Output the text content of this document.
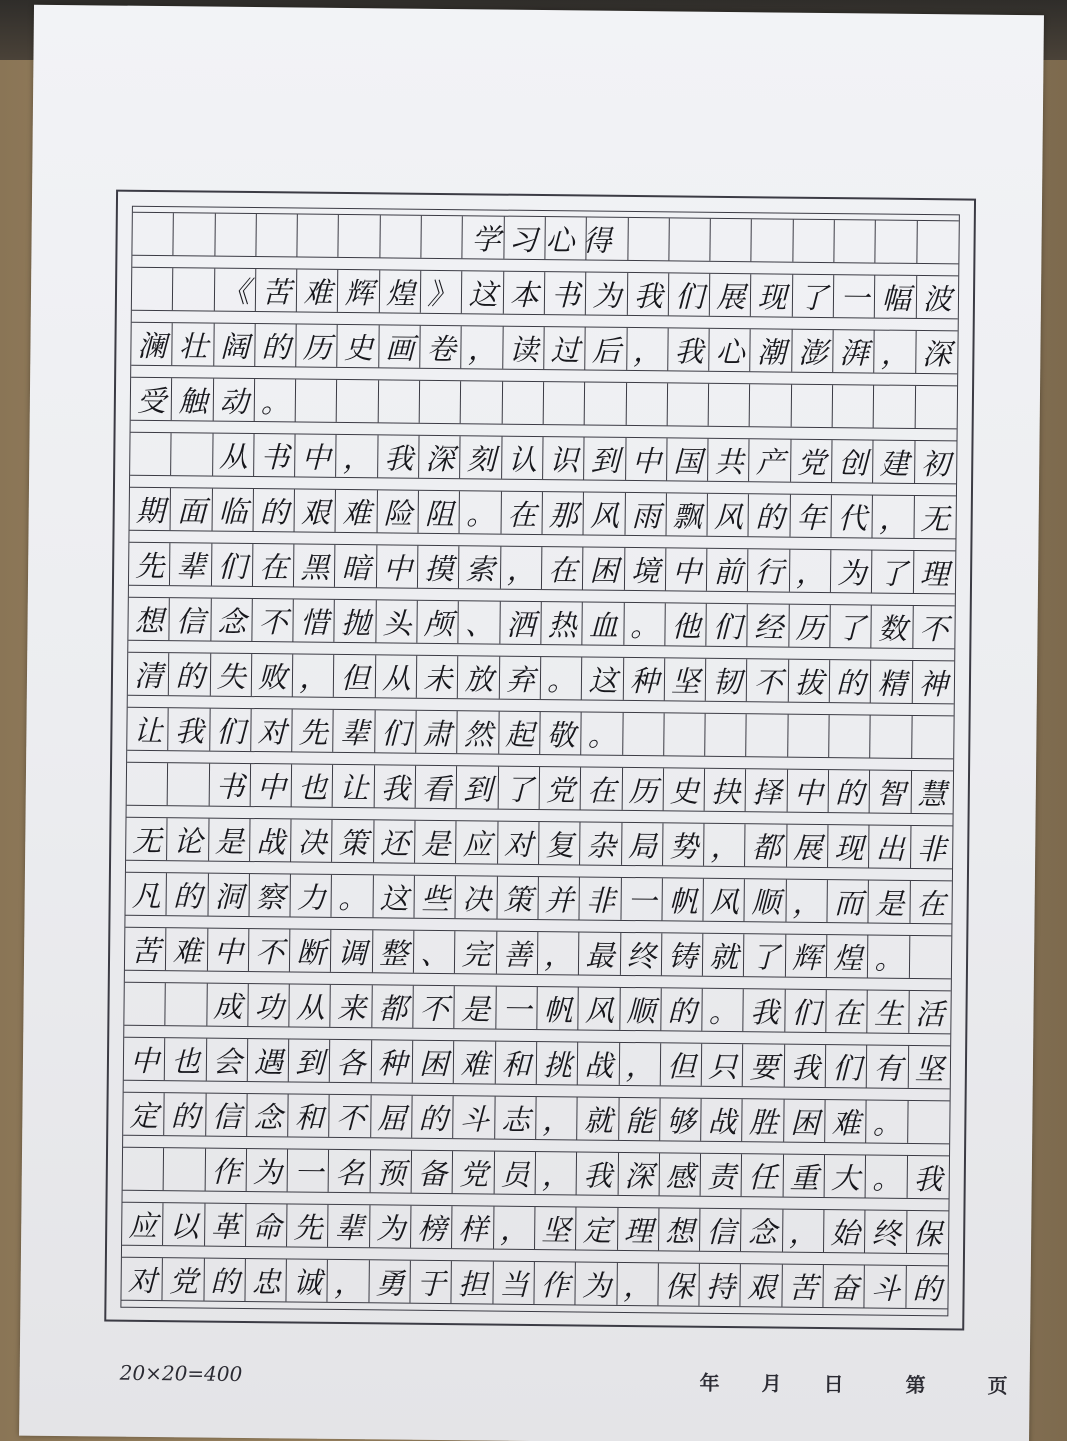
学习心得
《 苦 难 辉 煌 》 这 本 书 为 我 们 展 现 了 一 幅 波
澜 壮 阔 的 历 史 画 卷 ， 读 过 后 ， 我 心 潮 澎 湃 ， 深
受 触 动 。
从 书 中 ， 我 深 刻 认 识 到 中 国 共 产 党 创 建 初
期 面 临 的 艰 难 险 阻 。 在 那 风 雨 飘 风 的 年 代 ， 无
先 辈 们 在 黑 暗 中 摸 索 ， 在 困 境 中 前 行 ， 为 了 理
想 信 念 不 惜 抛 头 颅 、 洒 热 血 。 他 们 经 历 了 数 不
清 的 失 败 ， 但 从 未 放 弃 。 这 种 坚 韧 不 拔 的 精 神
让 我 们 对 先 辈 们 肃 然 起 敬 。
书 中 也 让 我 看 到 了 党 在 历 史 抉 择 中 的 智 慧
无 论 是 战 决 策 还 是 应 对 复 杂 局 势 ， 都 展 现 出 非
凡 的 洞 察 力 。 这 些 决 策 并 非 一 帆 风 顺 ， 而 是 在
苦 难 中 不 断 调 整 、 完 善 ， 最 终 铸 就 了 辉 煌 。
成 功 从 来 都 不 是 一 帆 风 顺 的 。 我 们 在 生 活
中 也 会 遇 到 各 种 困 难 和 挑 战 ， 但 只 要 我 们 有 坚
定 的 信 念 和 不 屈 的 斗 志 ， 就 能 够 战 胜 困 难 。
作 为 一 名 预 备 党 员 ， 我 深 感 责 任 重 大 。 我
应 以 革 命 先 辈 为 榜 样 ， 坚 定 理 想 信 念 ， 始 终 保
对 党 的 忠 诚 ， 勇 于 担 当 作 为 ， 保 持 艰 苦 奋 斗 的
20×20=400	年 月 日	第	页
